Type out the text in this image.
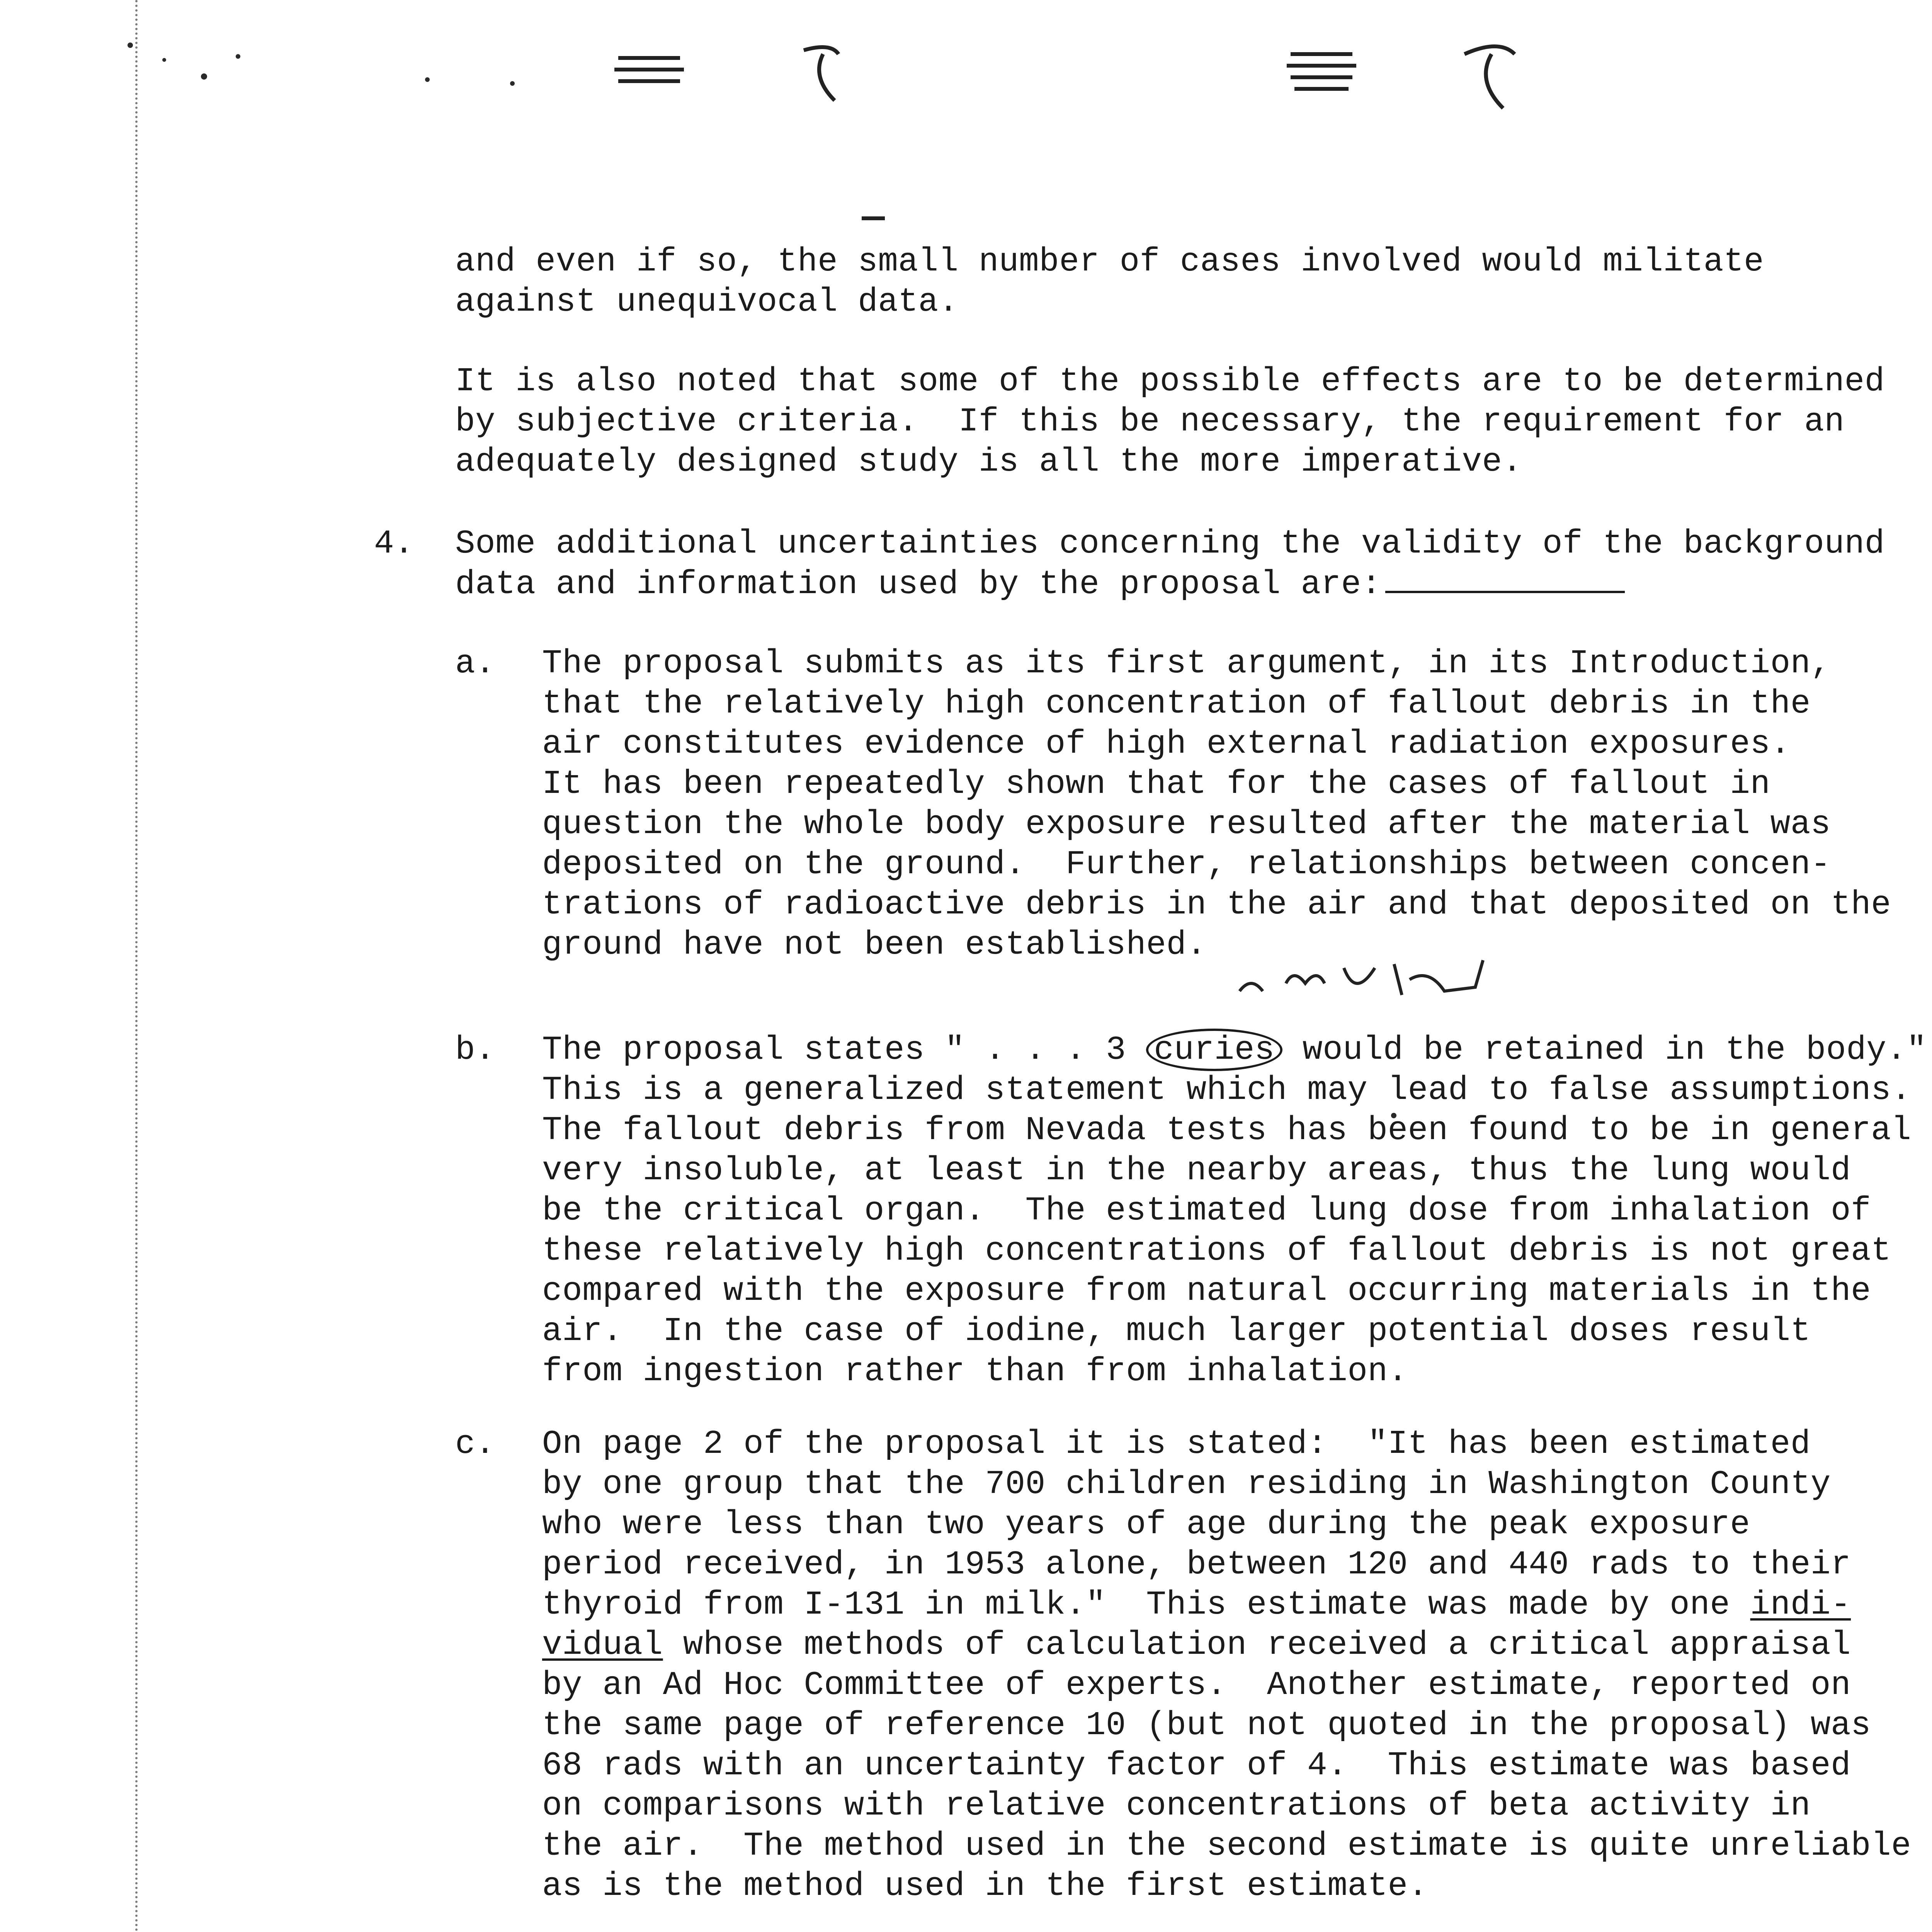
and even if so, the small number of cases involved would militate

against unequivocal data.

It is also noted that some of the possible effects are to be determined

by subjective criteria.  If this be necessary, the requirement for an

adequately designed study is all the more imperative.

4. Some additional uncertainties concerning the validity of the background

data and information used by the proposal are:

a. The proposal submits as its first argument, in its Introduction,

that the relatively high concentration of fallout debris in the

air constitutes evidence of high external radiation exposures.

It has been repeatedly shown that for the cases of fallout in

question the whole body exposure resulted after the material was

deposited on the ground.  Further, relationships between concen-

trations of radioactive debris in the air and that deposited on the

ground have not been established.

b. The proposal states " . . . 3 curies would be retained in the body."

This is a generalized statement which may lead to false assumptions.

The fallout debris from Nevada tests has been found to be in general

very insoluble, at least in the nearby areas, thus the lung would

be the critical organ.  The estimated lung dose from inhalation of

these relatively high concentrations of fallout debris is not great

compared with the exposure from natural occurring materials in the

air.  In the case of iodine, much larger potential doses result

from ingestion rather than from inhalation.

c. On page 2 of the proposal it is stated:  "It has been estimated

by one group that the 700 children residing in Washington County

who were less than two years of age during the peak exposure

period received, in 1953 alone, between 120 and 440 rads to their

thyroid from I-131 in milk."  This estimate was made by one indi-

vidual whose methods of calculation received a critical appraisal

by an Ad Hoc Committee of experts.  Another estimate, reported on

the same page of reference 10 (but not quoted in the proposal) was

68 rads with an uncertainty factor of 4.  This estimate was based

on comparisons with relative concentrations of beta activity in

the air.  The method used in the second estimate is quite unreliable

as is the method used in the first estimate.
